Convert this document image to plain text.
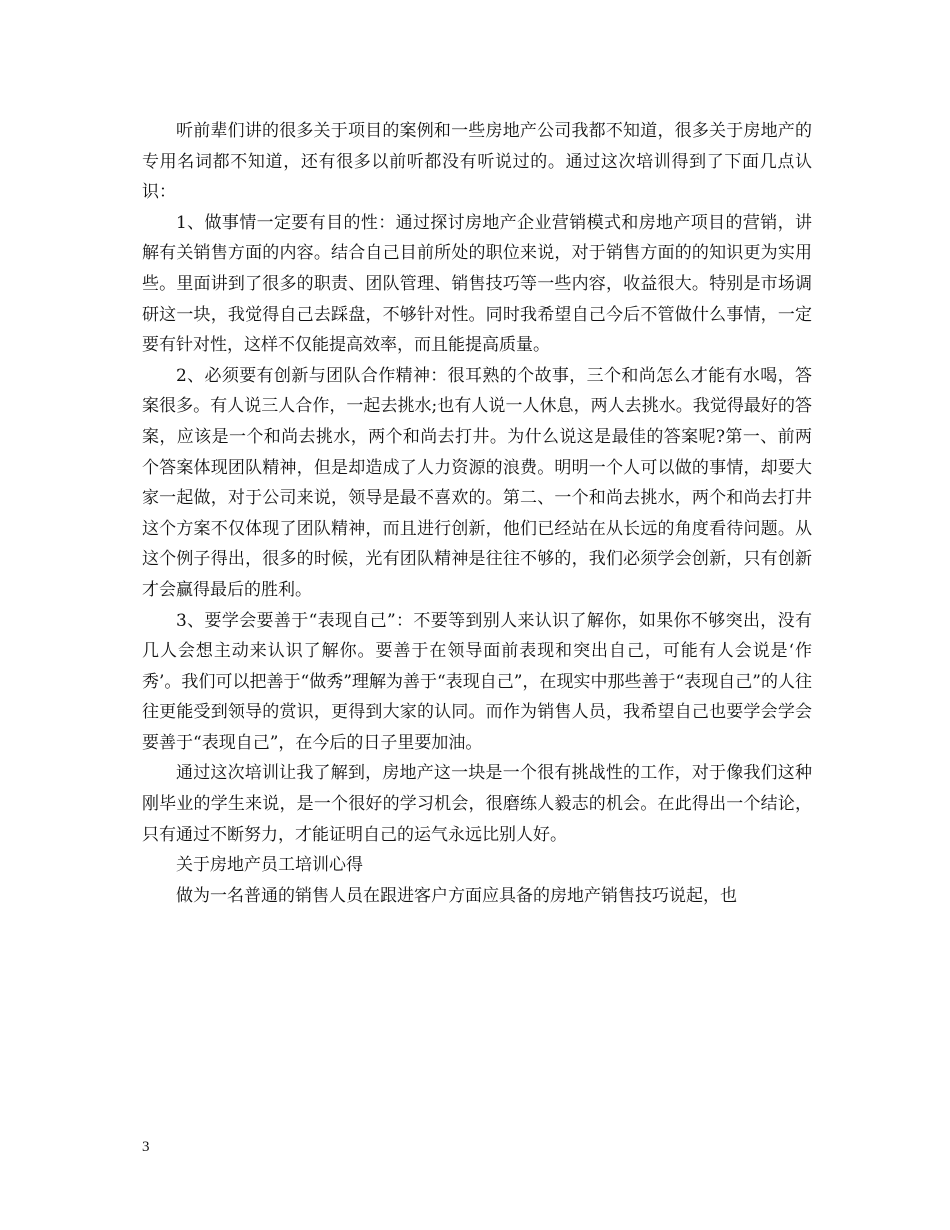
听前辈们讲的很多关于项目的案例和一些房地产公司我都不知道，很多关于房地产的专用名词都不知道，还有很多以前听都没有听说过的。通过这次培训得到了下面几点认识：

1、做事情一定要有目的性：通过探讨房地产企业营销模式和房地产项目的营销，讲解有关销售方面的内容。结合自己目前所处的职位来说，对于销售方面的的知识更为实用些。里面讲到了很多的职责、团队管理、销售技巧等一些内容，收益很大。特别是市场调研这一块，我觉得自己去踩盘，不够针对性。同时我希望自己今后不管做什么事情，一定要有针对性，这样不仅能提高效率，而且能提高质量。

2、必须要有创新与团队合作精神：很耳熟的个故事，三个和尚怎么才能有水喝，答案很多。有人说三人合作，一起去挑水;也有人说一人休息，两人去挑水。我觉得最好的答案，应该是一个和尚去挑水，两个和尚去打井。为什么说这是最佳的答案呢?第一、前两个答案体现团队精神，但是却造成了人力资源的浪费。明明一个人可以做的事情，却要大家一起做，对于公司来说，领导是最不喜欢的。第二、一个和尚去挑水，两个和尚去打井这个方案不仅体现了团队精神，而且进行创新，他们已经站在从长远的角度看待问题。从这个例子得出，很多的时候，光有团队精神是往往不够的，我们必须学会创新，只有创新才会赢得最后的胜利。

3、要学会要善于“表现自己”：不要等到别人来认识了解你，如果你不够突出，没有几人会想主动来认识了解你。要善于在领导面前表现和突出自己，可能有人会说是‘作秀’。我们可以把善于“做秀”理解为善于“表现自己”，在现实中那些善于“表现自己”的人往往更能受到领导的赏识，更得到大家的认同。而作为销售人员，我希望自己也要学会学会要善于“表现自己”，在今后的日子里要加油。

通过这次培训让我了解到，房地产这一块是一个很有挑战性的工作，对于像我们这种刚毕业的学生来说，是一个很好的学习机会，很磨练人毅志的机会。在此得出一个结论，只有通过不断努力，才能证明自己的运气永远比别人好。

关于房地产员工培训心得

做为一名普通的销售人员在跟进客户方面应具备的房地产销售技巧说起，也

3
